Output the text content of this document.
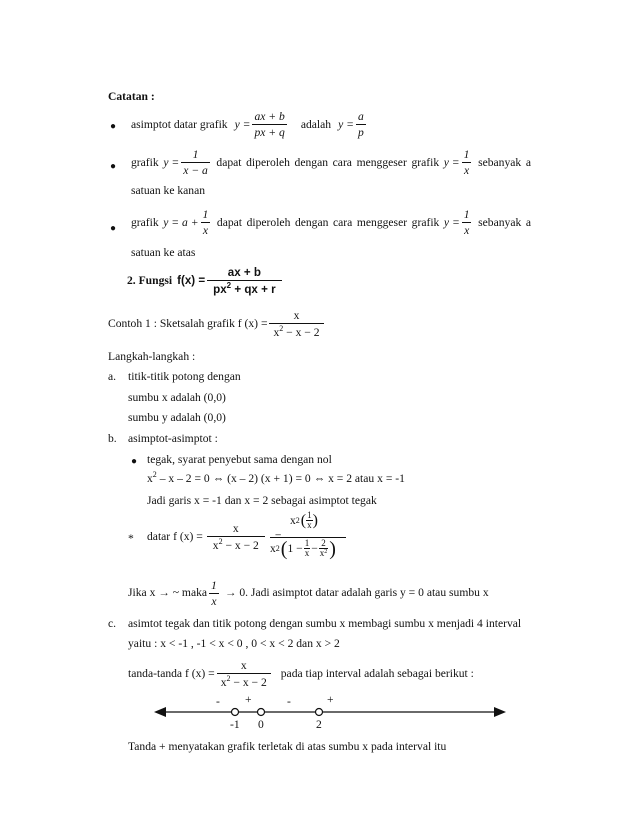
Catatan :
● asimptot datar grafik $y = \frac{ax + b}{px + q}$ adalah $y = \frac{a}{p}$
● grafik $y = \frac{1}{x - a}$ dapat diperoleh dengan cara menggeser grafik $y = \frac{1}{x}$ sebanyak a
satuan ke kanan
● grafik $y = a + \frac{1}{x}$ dapat diperoleh dengan cara menggeser grafik $y = \frac{1}{x}$ sebanyak a
satuan ke atas
2. Fungsi $f(x) = \frac{ax + b}{px^2 + qx + r}$
Contoh 1 : Sketsalah grafik f $(x) = \frac{x}{x^2 - x - 2}$
Langkah-langkah :
a. titik-titik potong dengan
sumbu x adalah (0,0)
sumbu y adalah (0,0)
b. asimptot-asimptot :
● tegak, syarat penyebut sama dengan nol
$x^2 - x - 2 = 0$ ⇔ (x – 2) (x + 1) = 0 ⇔ x = 2 atau x = -1
Jadi garis x = -1 dan x = 2 sebagai asimptot tegak
* datar f $(x) = \frac{x}{x^2 - x - 2}$ =
x 2 ( $\frac{1}{x}$ )
x 2 ( $1 - \frac{1}{x} - \frac{2}{x^2}$ )
Jika x → ~ maka $\frac{1}{x} \to 0$. Jadi asimptot datar adalah garis y = 0 atau sumbu x
c. asimtot tegak dan titik potong dengan sumbu x membagi sumbu x menjadi 4 interval
yaitu : x < -1 , -1 < x < 0 , 0 < x < 2 dan x > 2
tanda-tanda f $(x) = \frac{x}{x^2 - x - 2}$ pada tiap interval adalah sebagai berikut :
- +	-	+
-1 0	2
Tanda + menyatakan grafik terletak di atas sumbu x pada interval itu
